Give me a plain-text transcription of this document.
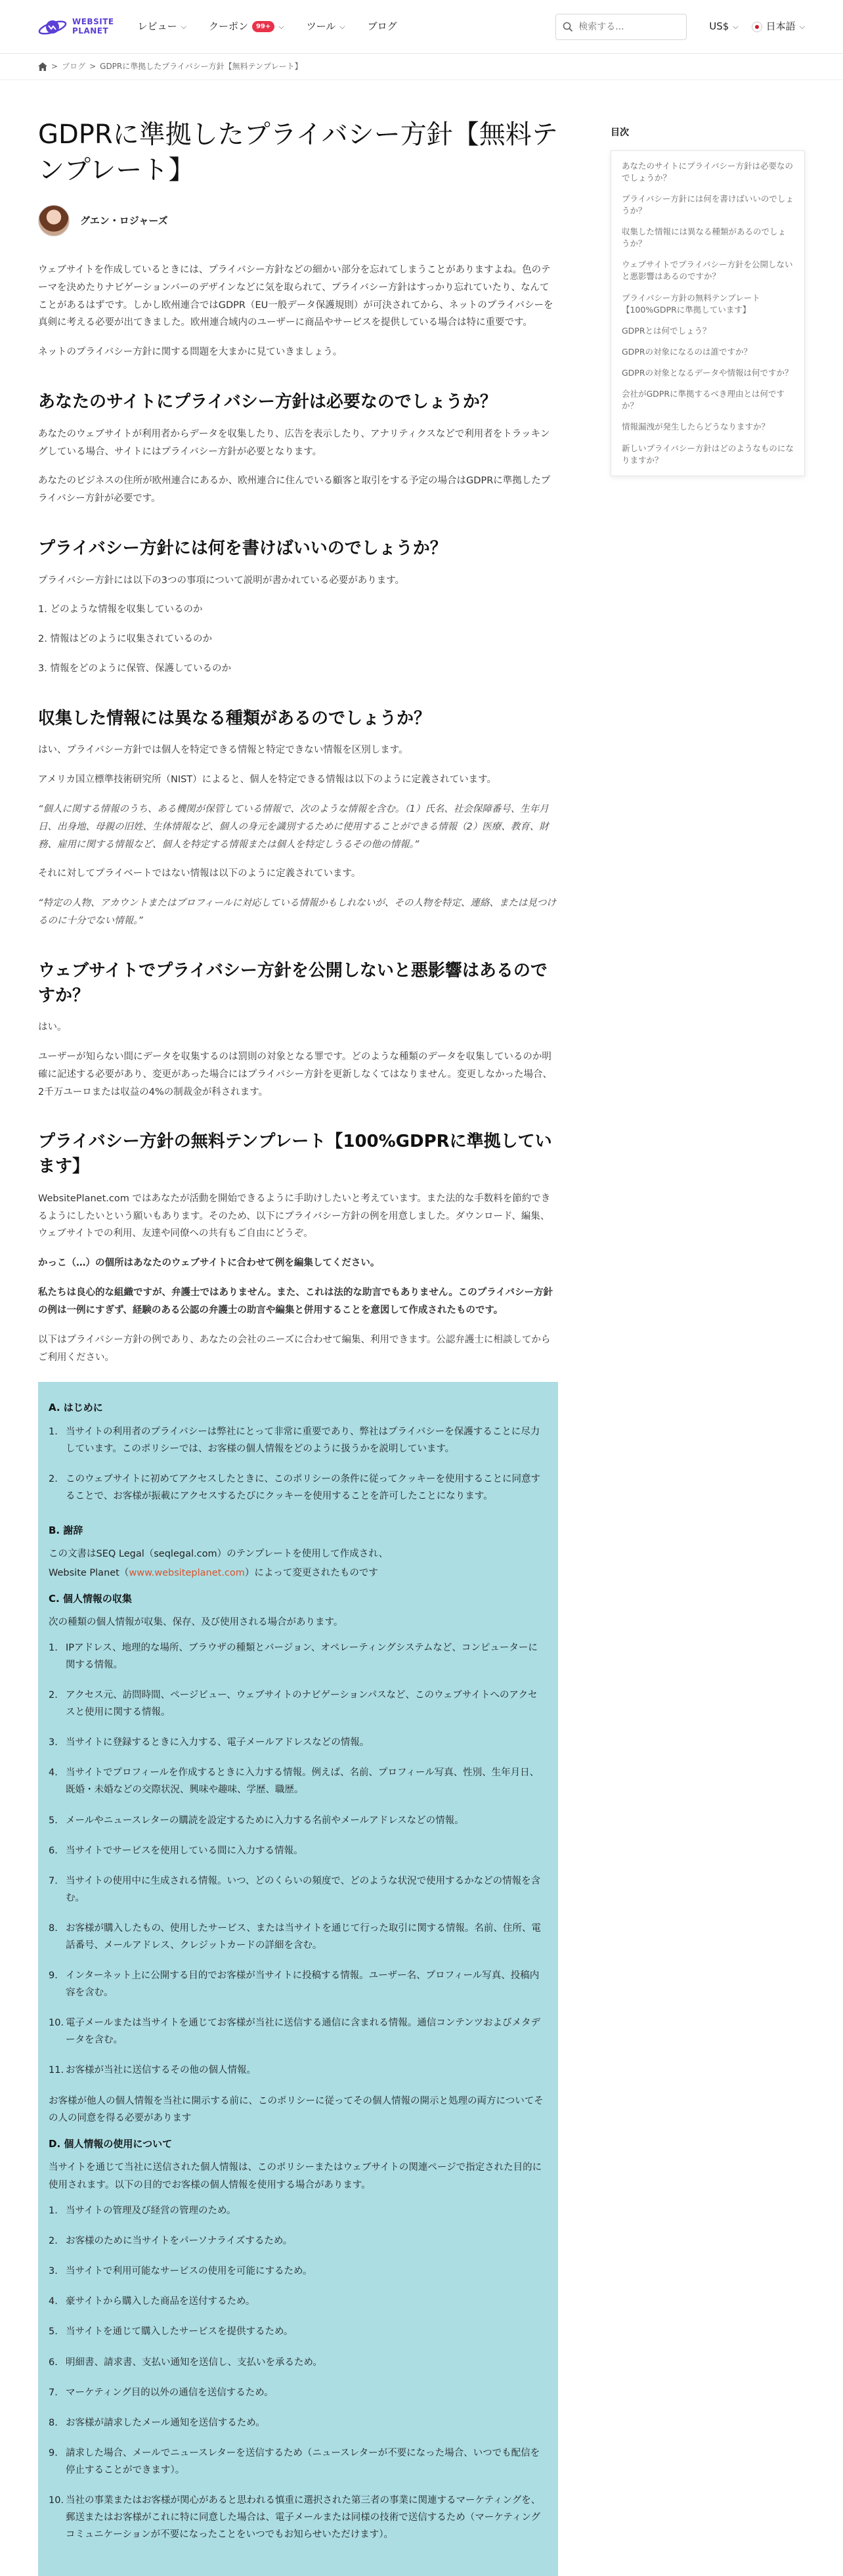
WEBSITE
PLANET	レビュー ⌵ クーポン	99+	⌵ ツール ⌵ ブログ
検索する...	US$ ⌵	日本語 ⌵
> ブログ > GDPRに準拠したプライバシー方針【無料テンプレート】
GDPRに準拠したプライバシー方針【無料テンプレート】
グエン・ロジャーズ

ウェブサイトを作成しているときには、プライバシー方針などの細かい部分を忘れてしまうことがありますよね。色のテーマを決めたりナビゲーションバーのデザインなどに気を取られて、プライバシー方針はすっかり忘れていたり、なんてことがあるはずです。しかし欧州連合ではGDPR（EU一般データ保護規則）が可決されてから、ネットのプライバシーを真剣に考える必要が出てきました。欧州連合域内のユーザーに商品やサービスを提供している場合は特に重要です。

ネットのプライバシー方針に関する問題を大まかに見ていきましょう。

あなたのサイトにプライバシー方針は必要なのでしょうか？

あなたのウェブサイトが利用者からデータを収集したり、広告を表示したり、アナリティクスなどで利用者をトラッキングしている場合、サイトにはプライバシー方針が必要となります。

あなたのビジネスの住所が欧州連合にあるか、欧州連合に住んでいる顧客と取引をする予定の場合はGDPRに準拠したプライバシー方針が必要です。

プライバシー方針には何を書けばいいのでしょうか？

プライバシー方針には以下の3つの事項について説明が書かれている必要があります。

1. どのような情報を収集しているのか
2. 情報はどのように収集されているのか
3. 情報をどのように保管、保護しているのか
収集した情報には異なる種類があるのでしょうか？

はい、プライバシー方針では個人を特定できる情報と特定できない情報を区別します。

アメリカ国立標準技術研究所（NIST）によると、個人を特定できる情報は以下のように定義されています。

“個人に関する情報のうち、ある機関が保管している情報で、次のような情報を含む。（1）氏名、社会保障番号、生年月日、出身地、母親の旧姓、生体情報など、個人の身元を識別するために使用することができる情報（2）医療、教育、財務、雇用に関する情報など、個人を特定する情報または個人を特定しうるその他の情報。”

それに対してプライベートではない情報は以下のように定義されています。

“特定の人物、アカウントまたはプロフィールに対応している情報かもしれないが、その人物を特定、連絡、または見つけるのに十分でない情報。”

ウェブサイトでプライバシー方針を公開しないと悪影響はあるのですか？

はい。

ユーザーが知らない間にデータを収集するのは罰則の対象となる罪です。どのような種類のデータを収集しているのか明確に記述する必要があり、変更があった場合にはプライバシー方針を更新しなくてはなりません。変更しなかった場合、2千万ユーロまたは収益の4%の制裁金が科されます。

プライバシー方針の無料テンプレート【100%GDPRに準拠しています】

WebsitePlanet.com ではあなたが活動を開始できるように手助けしたいと考えています。また法的な手数料を節約できるようにしたいという願いもあります。そのため、以下にプライバシー方針の例を用意しました。ダウンロード、編集、ウェブサイトでの利用、友達や同僚への共有もご自由にどうぞ。

かっこ（…）の個所はあなたのウェブサイトに合わせて例を編集してください。

私たちは良心的な組織ですが、弁護士ではありません。また、これは法的な助言でもありません。このプライバシー方針の例は一例にすぎず、経験のある公認の弁護士の助言や編集と併用することを意図して作成されたものです。

以下はプライバシー方針の例であり、あなたの会社のニーズに合わせて編集、利用できます。公認弁護士に相談してからご利用ください。

A. はじめに
1. 当サイトの利用者のプライバシーは弊社にとって非常に重要であり、弊社はプライバシーを保護することに尽力しています。このポリシーでは、お客様の個人情報をどのように扱うかを説明しています。
2. このウェブサイトに初めてアクセスしたときに、このポリシーの条件に従ってクッキーを使用することに同意することで、お客様が振載にアクセスするたびにクッキーを使用することを許可したことになります。
B. 謝辞
この文書はSEQ Legal（seqlegal.com）のテンプレートを使用して作成され、
Website Planet（www.websiteplanet.com）によって変更されたものです
C. 個人情報の収集
次の種類の個人情報が収集、保存、及び使用される場合があります。
1. IPアドレス、地理的な場所、ブラウザの種類とバージョン、オペレーティングシステムなど、コンピューターに関する情報。
2. アクセス元、訪問時間、ページビュー、ウェブサイトのナビゲーションパスなど、このウェブサイトへのアクセスと使用に関する情報。
3. 当サイトに登録するときに入力する、電子メールアドレスなどの情報。
4. 当サイトでプロフィールを作成するときに入力する情報。例えば、名前、プロフィール写真、性別、生年月日、既婚・未婚などの交際状況、興味や趣味、学歴、職歴。
5. メールやニュースレターの購読を設定するために入力する名前やメールアドレスなどの情報。
6. 当サイトでサービスを使用している間に入力する情報。
7. 当サイトの使用中に生成される情報。いつ、どのくらいの頻度で、どのような状況で使用するかなどの情報を含む。
8. お客様が購入したもの、使用したサービス、または当サイトを通じて行った取引に関する情報。名前、住所、電話番号、メールアドレス、クレジットカードの詳細を含む。
9. インターネット上に公開する目的でお客様が当サイトに投稿する情報。ユーザー名、プロフィール写真、投稿内容を含む。
10. 電子メールまたは当サイトを通じてお客様が当社に送信する通信に含まれる情報。通信コンテンツおよびメタデータを含む。
11. お客様が当社に送信するその他の個人情報。
お客様が他人の個人情報を当社に開示する前に、このポリシーに従ってその個人情報の開示と処理の両方についてその人の同意を得る必要があります
D. 個人情報の使用について
当サイトを通じて当社に送信された個人情報は、このポリシーまたはウェブサイトの関連ページで指定された目的に使用されます。以下の目的でお客様の個人情報を使用する場合があります。
1. 当サイトの管理及び経営の管理のため。
2. お客様のために当サイトをパーソナライズするため。
3. 当サイトで利用可能なサービスの使用を可能にするため。
4. 豪サイトから購入した商品を送付するため。
5. 当サイトを通じて購入したサービスを提供するため。
6. 明細書、請求書、支払い通知を送信し、支払いを承るため。
7. マーケティング目的以外の通信を送信するため。
8. お客様が請求したメール通知を送信するため。
9. 請求した場合、メールでニュースレターを送信するため（ニュースレターが不要になった場合、いつでも配信を停止することができます）。
10. 当社の事業またはお客様が関心があると思われる慎重に選択された第三者の事業に関連するマーケティングを、郵送またはお客様がこれに特に同意した場合は、電子メールまたは同様の技術で送信するため（マーケティングコミュニケーションが不要になったことをいつでもお知らせいただけます）。
目次
あなたのサイトにプライバシー方針は必要なのでしょうか？
プライバシー方針には何を書けばいいのでしょうか？
収集した情報には異なる種類があるのでしょうか？
ウェブサイトでプライバシー方針を公開しないと悪影響はあるのですか？
プライバシー方針の無料テンプレート【100%GDPRに準拠しています】
GDPRとは何でしょう？
GDPRの対象になるのは誰ですか？
GDPRの対象となるデータや情報は何ですか？
会社がGDPRに準拠するべき理由とは何ですか？
情報漏洩が発生したらどうなりますか？
新しいプライバシー方針はどのようなものになりますか？
